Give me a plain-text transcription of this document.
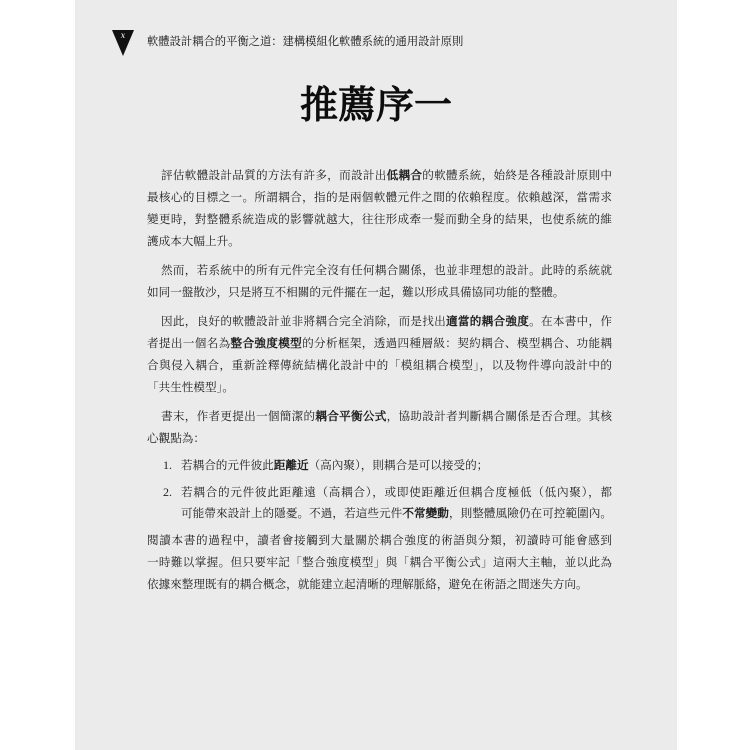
x	軟體設計耦合的平衡之道：建構模組化軟體系統的通用設計原則
推薦序一
評估軟體設計品質的方法有許多，而設計出低耦合的軟體系統，始終是各種設計原則中
最核心的目標之一。所謂耦合，指的是兩個軟體元件之間的依賴程度。依賴越深，當需求
變更時，對整體系統造成的影響就越大，往往形成牽一髮而動全身的結果，也使系統的維
護成本大幅上升。
然而，若系統中的所有元件完全沒有任何耦合關係，也並非理想的設計。此時的系統就
如同一盤散沙，只是將互不相關的元件擺在一起，難以形成具備協同功能的整體。
因此，良好的軟體設計並非將耦合完全消除，而是找出適當的耦合強度。在本書中，作
者提出一個名為整合強度模型的分析框架，透過四種層級：契約耦合、模型耦合、功能耦
合與侵入耦合，重新詮釋傳統結構化設計中的「模組耦合模型」，以及物件導向設計中的
「共生性模型」。
書末，作者更提出一個簡潔的耦合平衡公式，協助設計者判斷耦合關係是否合理。其核
心觀點為：
1. 若耦合的元件彼此距離近（高內聚），則耦合是可以接受的；
2. 若耦合的元件彼此距離遠（高耦合），或即使距離近但耦合度極低（低內聚），都
可能帶來設計上的隱憂。不過，若這些元件不常變動，則整體風險仍在可控範圍內。
閱讀本書的過程中，讀者會接觸到大量關於耦合強度的術語與分類，初讀時可能會感到
一時難以掌握。但只要牢記「整合強度模型」與「耦合平衡公式」這兩大主軸，並以此為
依據來整理既有的耦合概念，就能建立起清晰的理解脈絡，避免在術語之間迷失方向。
